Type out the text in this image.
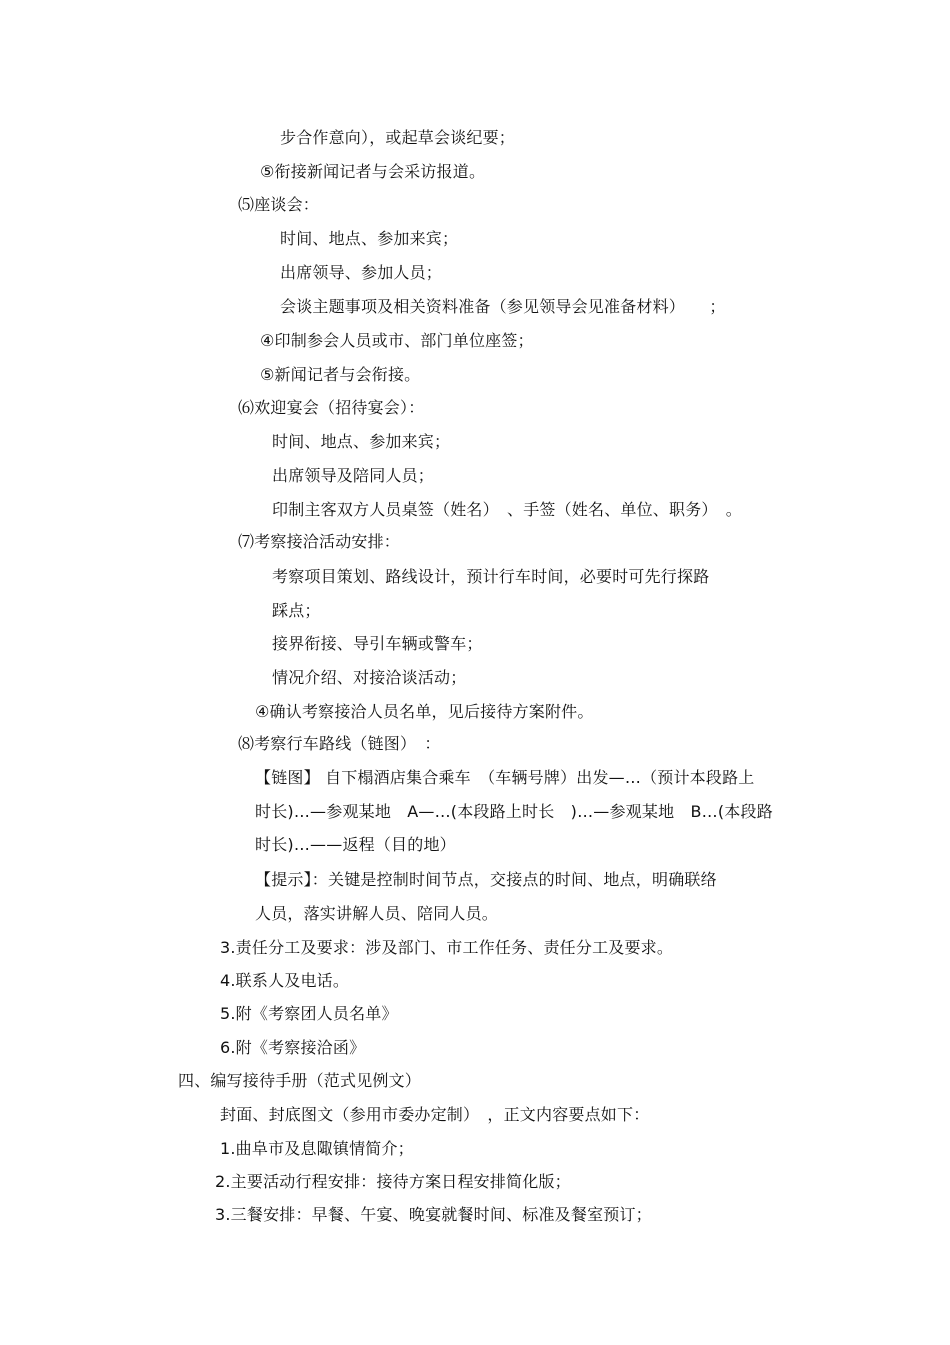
步合作意向），或起草会谈纪要；
⑤衔接新闻记者与会采访报道。
⑸座谈会：
时间、地点、参加来宾；
出席领导、参加人员；
会谈主题事项及相关资料准备（参见领导会见准备材料）　　；
④印制参会人员或市、部门单位座签；
⑤新闻记者与会衔接。
⑹欢迎宴会（招待宴会）：
时间、地点、参加来宾；
出席领导及陪同人员；
印制主客双方人员桌签（姓名）　、手签（姓名、单位、职务）　。
⑺考察接洽活动安排：
考察项目策划、路线设计，预计行车时间，必要时可先行探路
踩点；
接界衔接、导引车辆或警车；
情况介绍、对接洽谈活动；
④确认考察接洽人员名单，见后接待方案附件。
⑻考察行车路线（链图）　：
【链图】 自下榻酒店集合乘车　（车辆号牌）出发—…（预计本段路上
时长)…—参观某地　A—…(本段路上时长　)…—参观某地　B…(本段路
时长)…——返程（目的地）
【提示】：关键是控制时间节点，交接点的时间、地点，明确联络
人员，落实讲解人员、陪同人员。
3.责任分工及要求：涉及部门、市工作任务、责任分工及要求。
4.联系人及电话。
5.附《考察团人员名单》
6.附《考察接洽函》
四、编写接待手册（范式见例文）
封面、封底图文（参用市委办定制）　，正文内容要点如下：
1.曲阜市及息陬镇情简介；
2.主要活动行程安排：接待方案日程安排简化版；
3.三餐安排：早餐、午宴、晚宴就餐时间、标准及餐室预订；
